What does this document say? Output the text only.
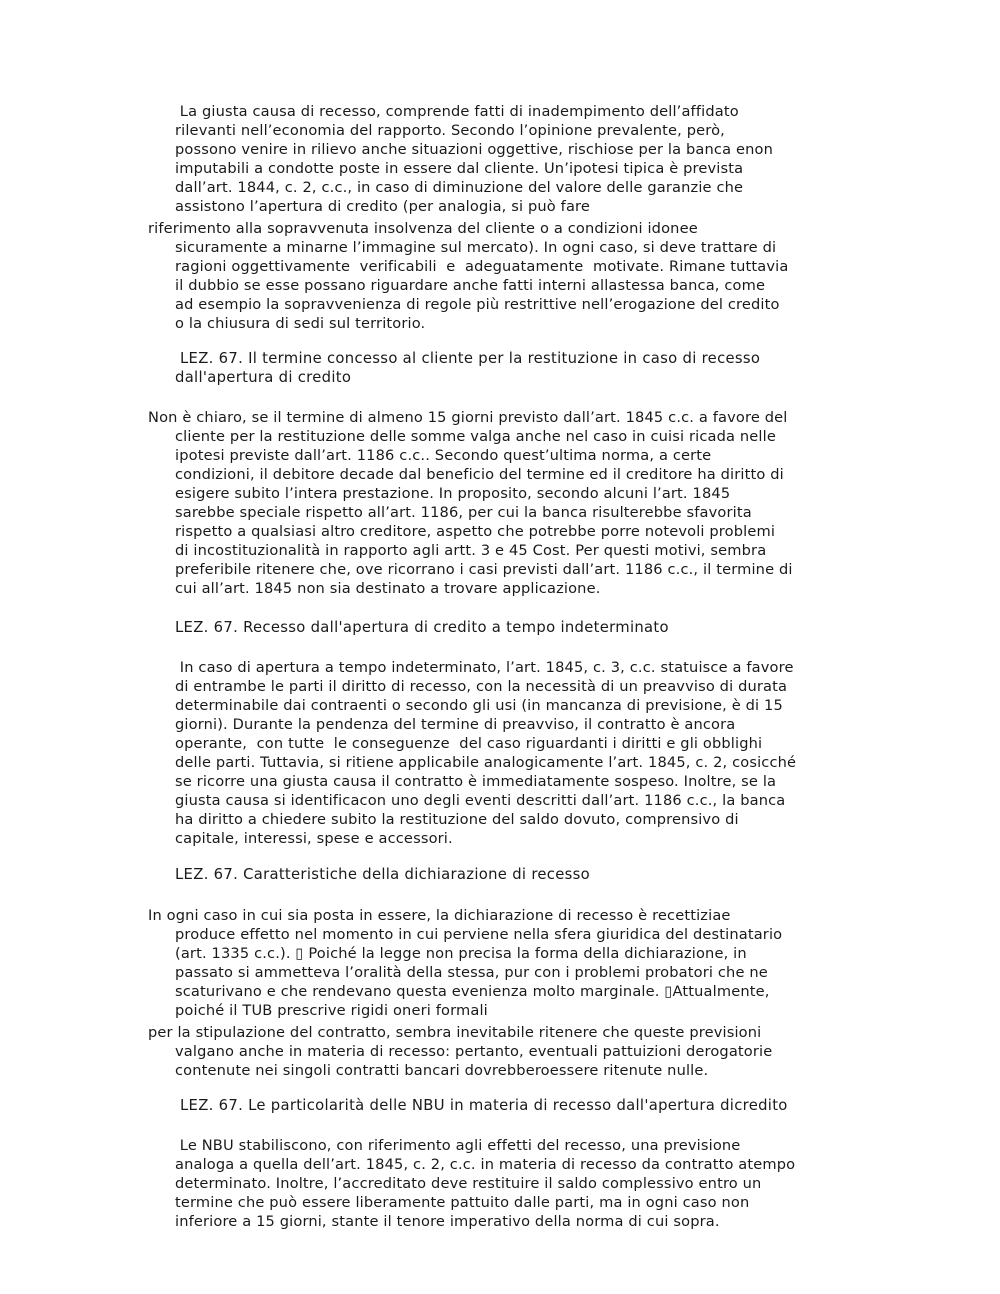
La giusta causa di recesso, comprende fatti di inadempimento dell’affidato
rilevanti nell’economia del rapporto. Secondo l’opinione prevalente, però,
possono venire in rilievo anche situazioni oggettive, rischiose per la banca enon
imputabili a condotte poste in essere dal cliente. Un’ipotesi tipica è prevista
dall’art. 1844, c. 2, c.c., in caso di diminuzione del valore delle garanzie che
assistono l’apertura di credito (per analogia, si può fare
riferimento alla sopravvenuta insolvenza del cliente o a condizioni idonee
sicuramente a minarne l’immagine sul mercato). In ogni caso, si deve trattare di
ragioni oggettivamente  verificabili  e  adeguatamente  motivate. Rimane tuttavia
il dubbio se esse possano riguardare anche fatti interni allastessa banca, come
ad esempio la sopravvenienza di regole più restrittive nell’erogazione del credito
o la chiusura di sedi sul territorio.
LEZ. 67. Il termine concesso al cliente per la restituzione in caso di recesso
dall'apertura di credito
Non è chiaro, se il termine di almeno 15 giorni previsto dall’art. 1845 c.c. a favore del
cliente per la restituzione delle somme valga anche nel caso in cuisi ricada nelle
ipotesi previste dall’art. 1186 c.c.. Secondo quest’ultima norma, a certe
condizioni, il debitore decade dal beneficio del termine ed il creditore ha diritto di
esigere subito l’intera prestazione. In proposito, secondo alcuni l’art. 1845
sarebbe speciale rispetto all’art. 1186, per cui la banca risulterebbe sfavorita
rispetto a qualsiasi altro creditore, aspetto che potrebbe porre notevoli problemi
di incostituzionalità in rapporto agli artt. 3 e 45 Cost. Per questi motivi, sembra
preferibile ritenere che, ove ricorrano i casi previsti dall’art. 1186 c.c., il termine di
cui all’art. 1845 non sia destinato a trovare applicazione.
LEZ. 67. Recesso dall'apertura di credito a tempo indeterminato
In caso di apertura a tempo indeterminato, l’art. 1845, c. 3, c.c. statuisce a favore
di entrambe le parti il diritto di recesso, con la necessità di un preavviso di durata
determinabile dai contraenti o secondo gli usi (in mancanza di previsione, è di 15
giorni). Durante la pendenza del termine di preavviso, il contratto è ancora
operante,  con tutte  le conseguenze  del caso riguardanti i diritti e gli obblighi
delle parti. Tuttavia, si ritiene applicabile analogicamente l’art. 1845, c. 2, cosicché
se ricorre una giusta causa il contratto è immediatamente sospeso. Inoltre, se la
giusta causa si identificacon uno degli eventi descritti dall’art. 1186 c.c., la banca
ha diritto a chiedere subito la restituzione del saldo dovuto, comprensivo di
capitale, interessi, spese e accessori.
LEZ. 67. Caratteristiche della dichiarazione di recesso
In ogni caso in cui sia posta in essere, la dichiarazione di recesso è recettiziae
produce effetto nel momento in cui perviene nella sfera giuridica del destinatario
(art. 1335 c.c.). ▯ Poiché la legge non precisa la forma della dichiarazione, in
passato si ammetteva l’oralità della stessa, pur con i problemi probatori che ne
scaturivano e che rendevano questa evenienza molto marginale. ▯Attualmente,
poiché il TUB prescrive rigidi oneri formali
per la stipulazione del contratto, sembra inevitabile ritenere che queste previsioni
valgano anche in materia di recesso: pertanto, eventuali pattuizioni derogatorie
contenute nei singoli contratti bancari dovrebberoessere ritenute nulle.
LEZ. 67. Le particolarità delle NBU in materia di recesso dall'apertura dicredito
Le NBU stabiliscono, con riferimento agli effetti del recesso, una previsione
analoga a quella dell’art. 1845, c. 2, c.c. in materia di recesso da contratto atempo
determinato. Inoltre, l’accreditato deve restituire il saldo complessivo entro un
termine che può essere liberamente pattuito dalle parti, ma in ogni caso non
inferiore a 15 giorni, stante il tenore imperativo della norma di cui sopra.
